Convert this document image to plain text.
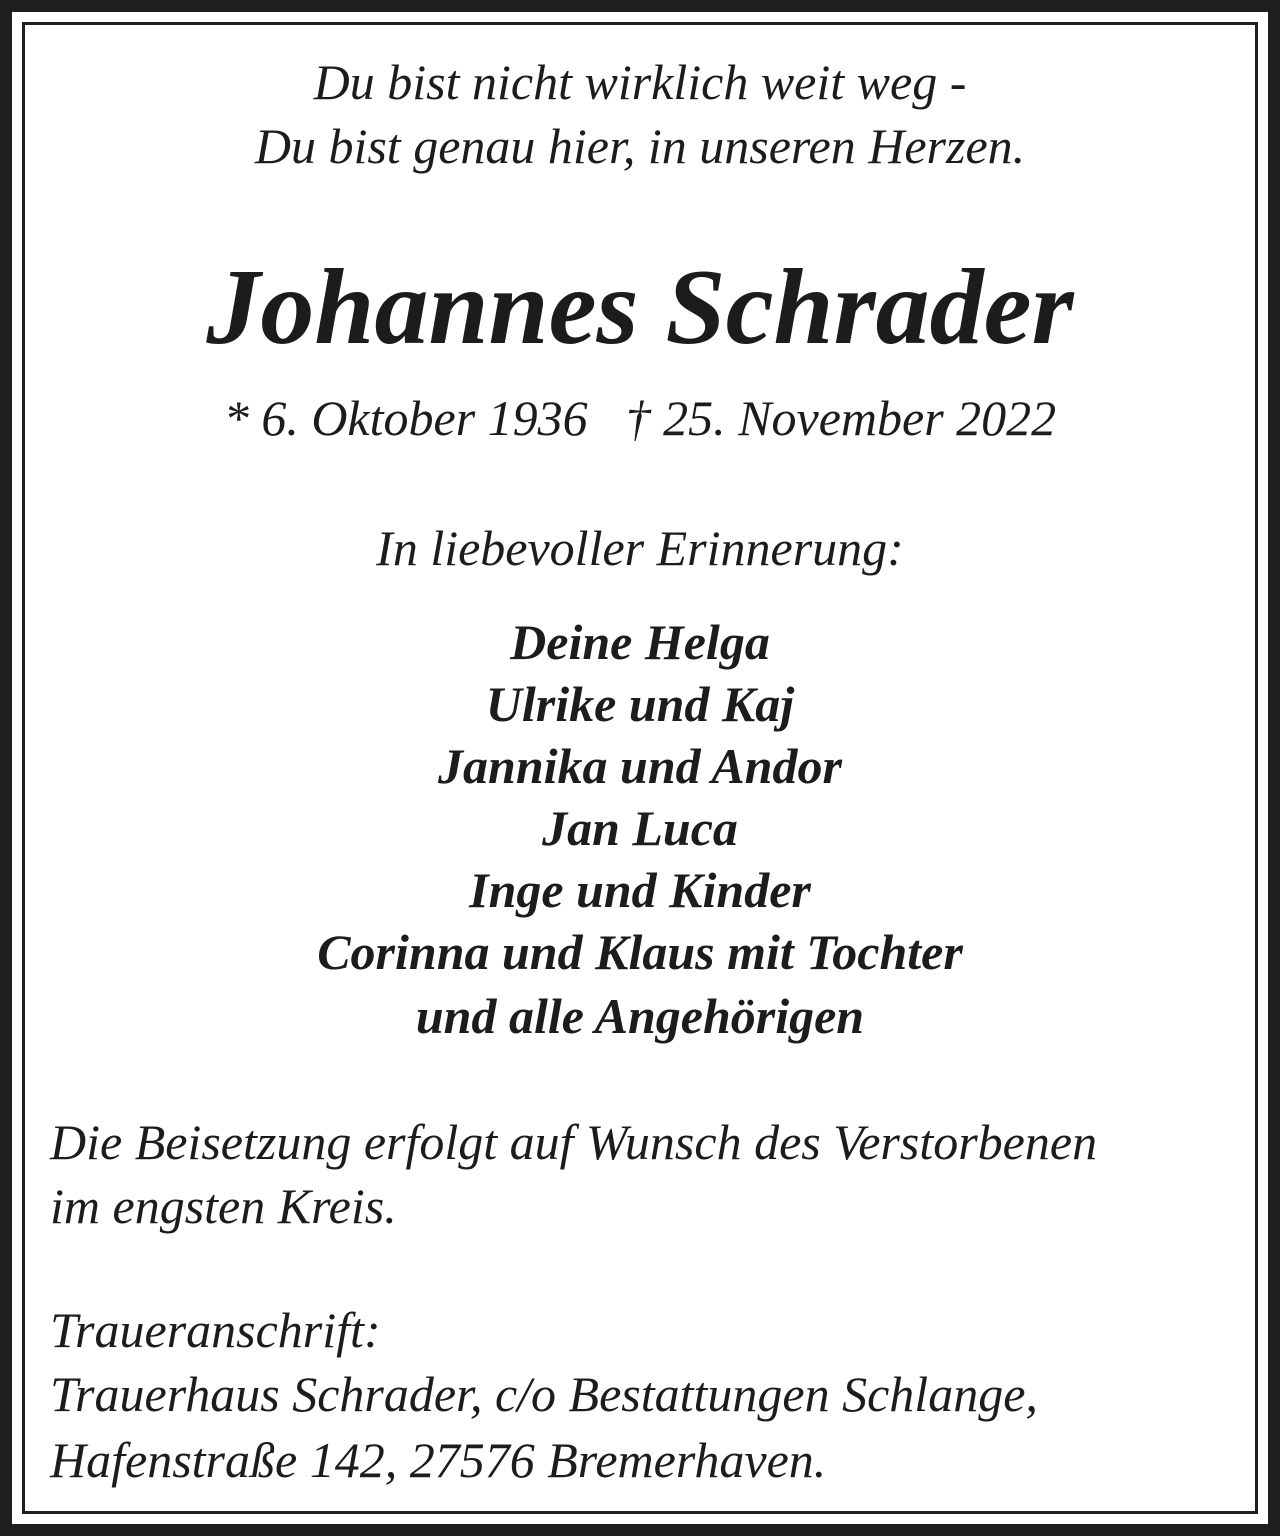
Du bist nicht wirklich weit weg -

Du bist genau hier, in unseren Herzen.

Johannes Schrader

* 6. Oktober 1936 † 25. November 2022

In liebevoller Erinnerung:

Deine Helga

Ulrike und Kaj

Jannika und Andor

Jan Luca

Inge und Kinder

Corinna und Klaus mit Tochter

und alle Angehörigen

Die Beisetzung erfolgt auf Wunsch des Verstorbenen

im engsten Kreis.

Traueranschrift:

Trauerhaus Schrader, c/o Bestattungen Schlange,

Hafenstraße 142, 27576 Bremerhaven.
